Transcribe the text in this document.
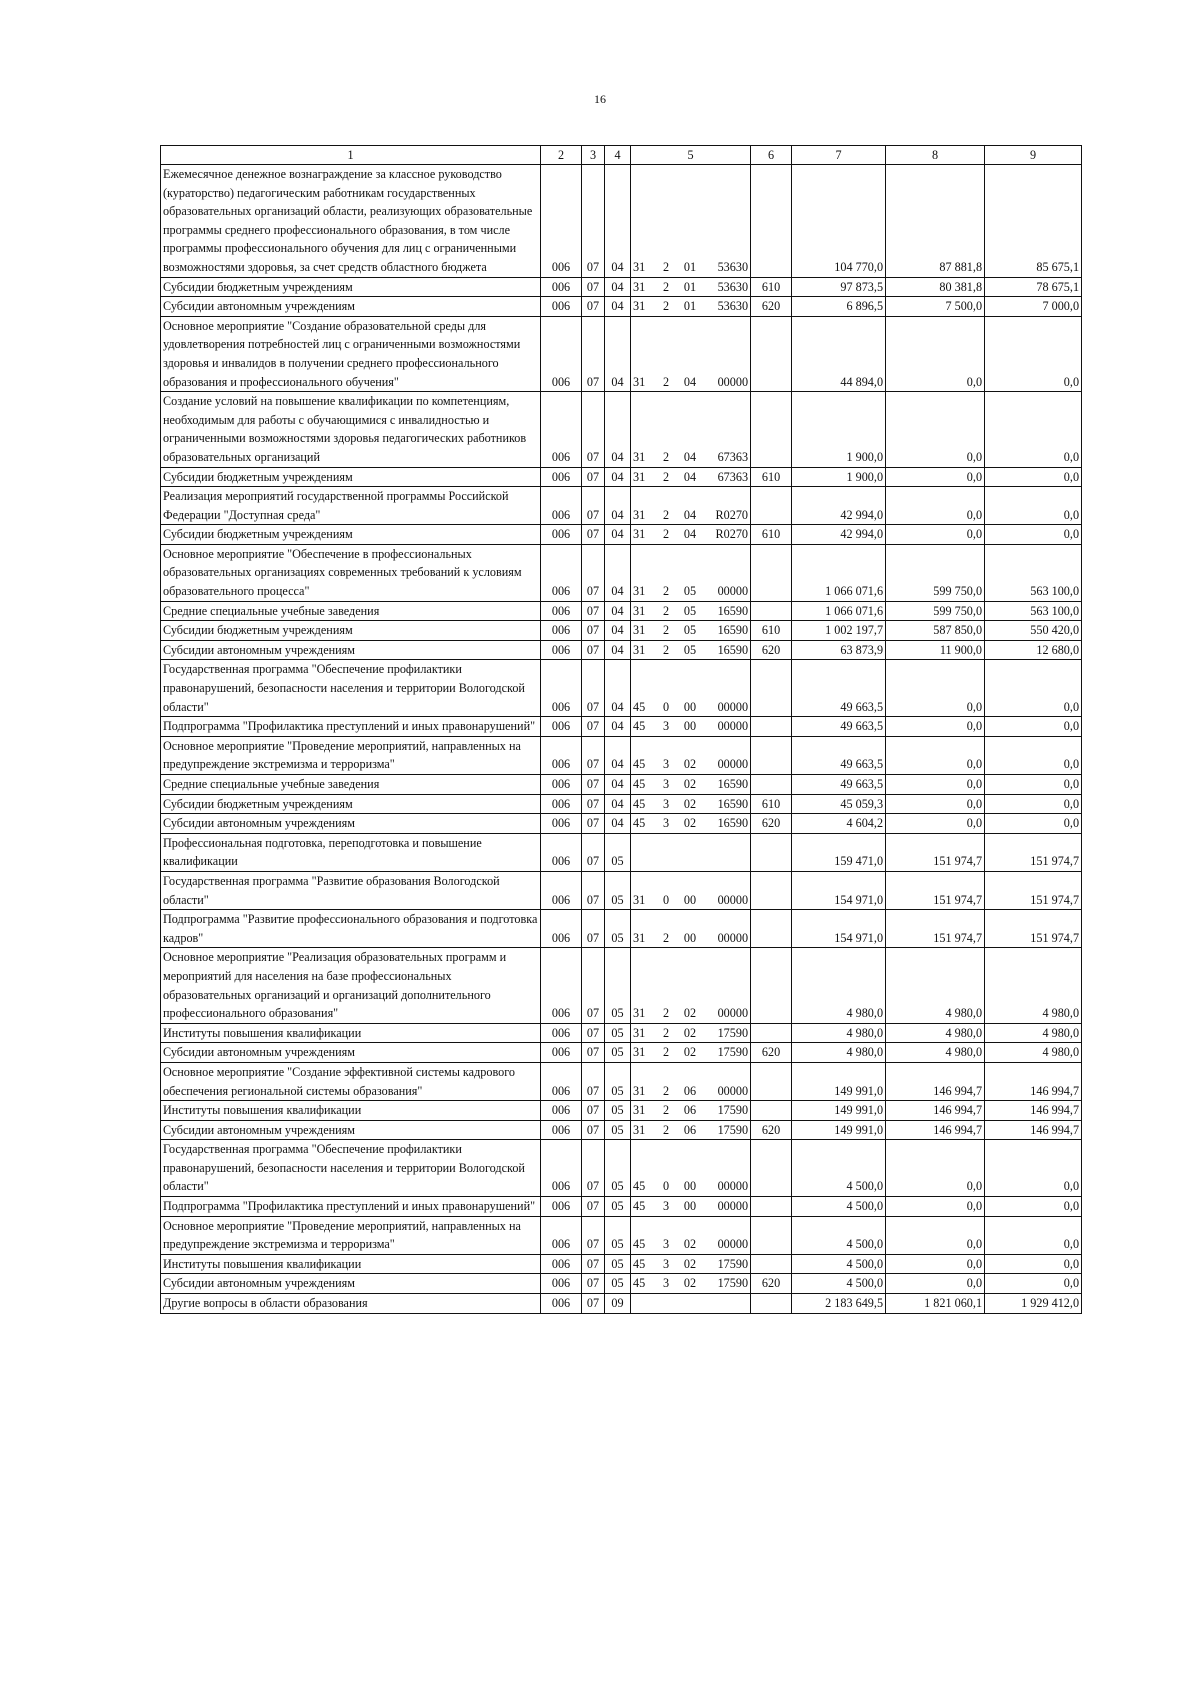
16
1	2	3	4	5				6	7	8	9
Ежемесячное денежное вознаграждение за классное руководство (кураторство) педагогическим работникам государственных образовательных организаций области, реализующих образовательные программы среднего профессионального образования, в том числе программы профессионального обучения для лиц с ограниченными возможностями здоровья, за счет средств областного бюджета	006	07	04	31	2	01	53630		104 770,0	87 881,8	85 675,1
Субсидии бюджетным учреждениям	006	07	04	31	2	01	53630	610	97 873,5	80 381,8	78 675,1
Субсидии автономным учреждениям	006	07	04	31	2	01	53630	620	6 896,5	7 500,0	7 000,0
Основное мероприятие "Создание образовательной среды для удовлетворения потребностей лиц с ограниченными возможностями здоровья и инвалидов в получении среднего профессионального образования и профессионального обучения"	006	07	04	31	2	04	00000		44 894,0	0,0	0,0
Создание условий на повышение квалификации по компетенциям, необходимым для работы с обучающимися с инвалидностью и ограниченными возможностями здоровья педагогических работников образовательных организаций	006	07	04	31	2	04	67363		1 900,0	0,0	0,0
Субсидии бюджетным учреждениям	006	07	04	31	2	04	67363	610	1 900,0	0,0	0,0
Реализация мероприятий государственной программы Российской Федерации "Доступная среда"	006	07	04	31	2	04	R0270		42 994,0	0,0	0,0
Субсидии бюджетным учреждениям	006	07	04	31	2	04	R0270	610	42 994,0	0,0	0,0
Основное мероприятие "Обеспечение в профессиональных образовательных организациях современных требований к условиям образовательного процесса"	006	07	04	31	2	05	00000		1 066 071,6	599 750,0	563 100,0
Средние специальные учебные заведения	006	07	04	31	2	05	16590		1 066 071,6	599 750,0	563 100,0
Субсидии бюджетным учреждениям	006	07	04	31	2	05	16590	610	1 002 197,7	587 850,0	550 420,0
Субсидии автономным учреждениям	006	07	04	31	2	05	16590	620	63 873,9	11 900,0	12 680,0
Государственная программа "Обеспечение профилактики правонарушений, безопасности населения и территории Вологодской области"	006	07	04	45	0	00	00000		49 663,5	0,0	0,0
Подпрограмма "Профилактика преступлений и иных правонарушений"	006	07	04	45	3	00	00000		49 663,5	0,0	0,0
Основное мероприятие "Проведение мероприятий, направленных на предупреждение экстремизма и терроризма"	006	07	04	45	3	02	00000		49 663,5	0,0	0,0
Средние специальные учебные заведения	006	07	04	45	3	02	16590		49 663,5	0,0	0,0
Субсидии бюджетным учреждениям	006	07	04	45	3	02	16590	610	45 059,3	0,0	0,0
Субсидии автономным учреждениям	006	07	04	45	3	02	16590	620	4 604,2	0,0	0,0
Профессиональная подготовка, переподготовка и повышение квалификации	006	07	05						159 471,0	151 974,7	151 974,7
Государственная программа "Развитие образования Вологодской области"	006	07	05	31	0	00	00000		154 971,0	151 974,7	151 974,7
Подпрограмма "Развитие профессионального образования и подготовка кадров"	006	07	05	31	2	00	00000		154 971,0	151 974,7	151 974,7
Основное мероприятие "Реализация образовательных программ и мероприятий для населения на базе профессиональных образовательных организаций и организаций дополнительного профессионального образования"	006	07	05	31	2	02	00000		4 980,0	4 980,0	4 980,0
Институты повышения квалификации	006	07	05	31	2	02	17590		4 980,0	4 980,0	4 980,0
Субсидии автономным учреждениям	006	07	05	31	2	02	17590	620	4 980,0	4 980,0	4 980,0
Основное мероприятие "Создание эффективной системы кадрового обеспечения региональной системы образования"	006	07	05	31	2	06	00000		149 991,0	146 994,7	146 994,7
Институты повышения квалификации	006	07	05	31	2	06	17590		149 991,0	146 994,7	146 994,7
Субсидии автономным учреждениям	006	07	05	31	2	06	17590	620	149 991,0	146 994,7	146 994,7
Государственная программа "Обеспечение профилактики правонарушений, безопасности населения и территории Вологодской области"	006	07	05	45	0	00	00000		4 500,0	0,0	0,0
Подпрограмма "Профилактика преступлений и иных правонарушений"	006	07	05	45	3	00	00000		4 500,0	0,0	0,0
Основное мероприятие "Проведение мероприятий, направленных на предупреждение экстремизма и терроризма"	006	07	05	45	3	02	00000		4 500,0	0,0	0,0
Институты повышения квалификации	006	07	05	45	3	02	17590		4 500,0	0,0	0,0
Субсидии автономным учреждениям	006	07	05	45	3	02	17590	620	4 500,0	0,0	0,0
Другие вопросы в области образования	006	07	09						2 183 649,5	1 821 060,1	1 929 412,0
